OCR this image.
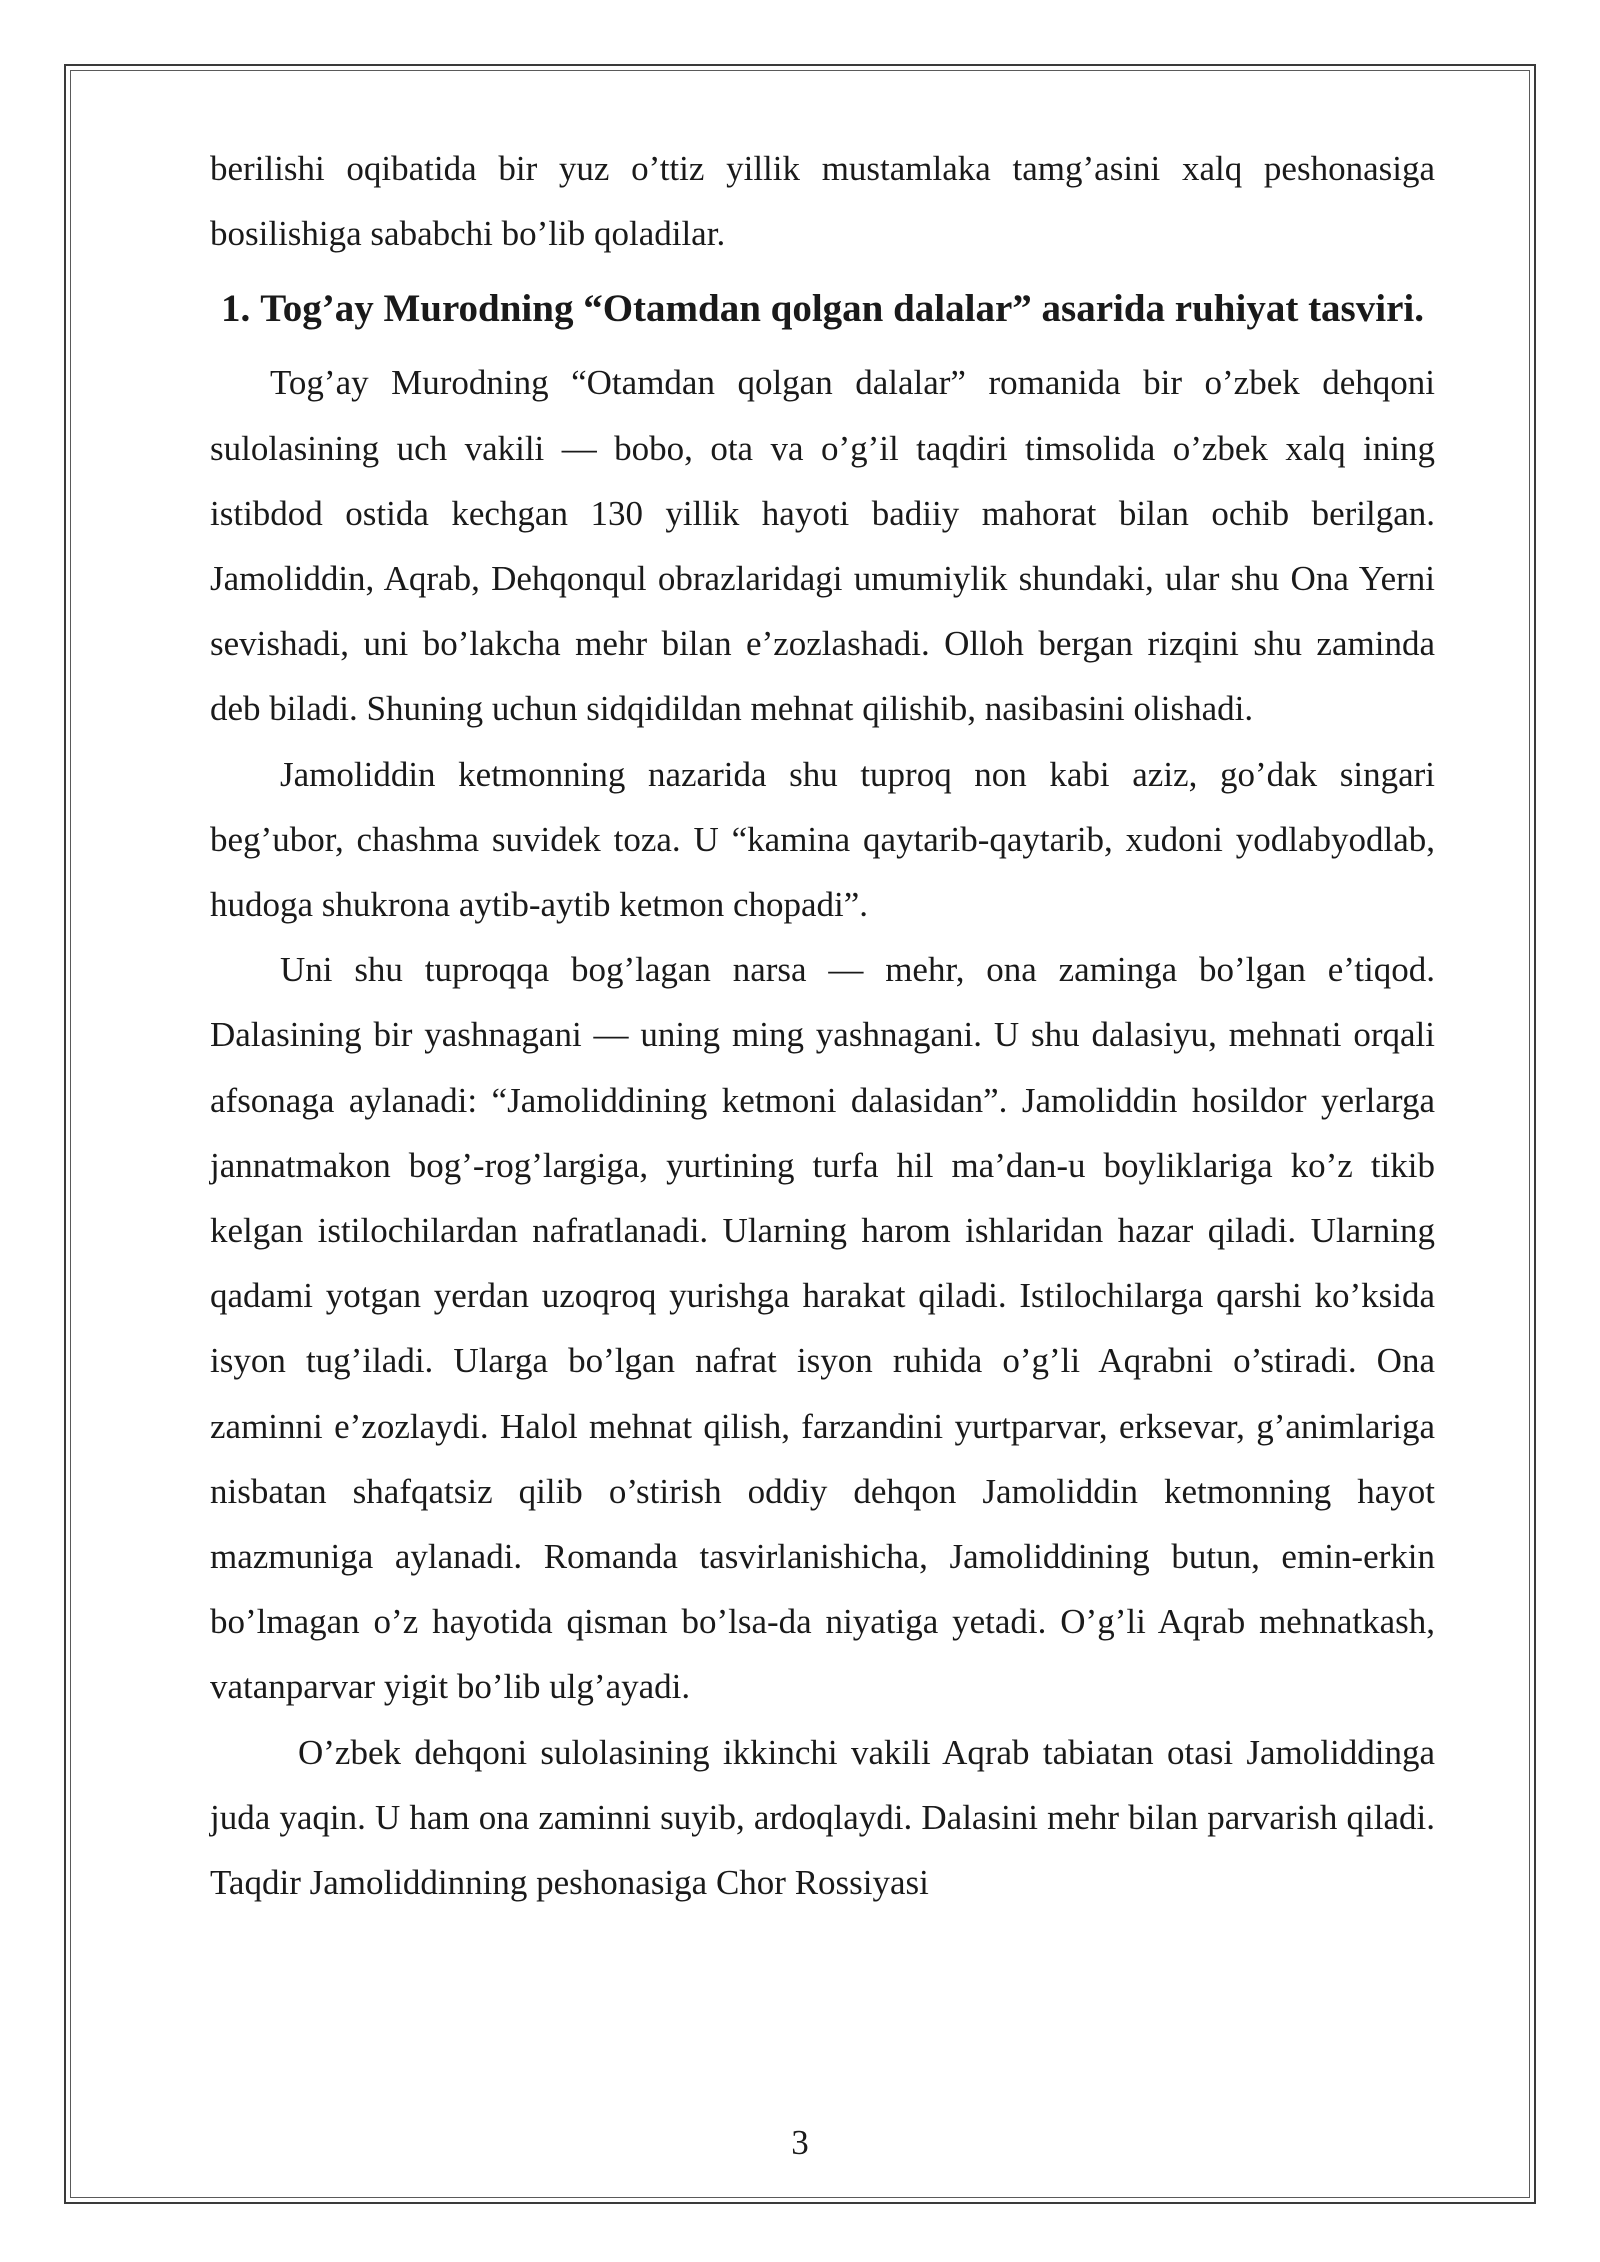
berilishi oqibatida bir yuz o’ttiz yillik mustamlaka tamg’asini xalq peshonasiga bosilishiga sababchi bo’lib qoladilar.

1. Tog’ay Murodning “Otamdan qolgan dalalar” asarida ruhiyat tasviri.

Tog’ay Murodning “Otamdan qolgan dalalar” romanida bir o’zbek dehqoni sulolasining uch vakili — bobo, ota va o’g’il taqdiri timsolida o’zbek xalq ining istibdod ostida kechgan 130 yillik hayoti badiiy mahorat bilan ochib berilgan. Jamoliddin, Aqrab, Dehqonqul obrazlaridagi umumiylik shundaki, ular shu Ona Yerni sevishadi, uni bo’lakcha mehr bilan e’zozlashadi. Olloh bergan rizqini shu zaminda deb biladi. Shuning uchun sidqidildan mehnat qilishib, nasibasini olishadi.

Jamoliddin ketmonning nazarida shu tuproq non kabi aziz, go’dak singari beg’ubor, chashma suvidek toza. U “kamina qaytarib-qaytarib, xudoni yodlabyodlab, hudoga shukrona aytib-aytib ketmon chopadi”.

Uni shu tuproqqa bog’lagan narsa — mehr, ona zaminga bo’lgan e’tiqod. Dalasining bir yashnagani — uning ming yashnagani. U shu dalasiyu, mehnati orqali afsonaga aylanadi: “Jamoliddining ketmoni dalasidan”. Jamoliddin hosildor yerlarga jannatmakon bog’-rog’largiga, yurtining turfa hil ma’dan-u boyliklariga ko’z tikib kelgan istilochilardan nafratlanadi. Ularning harom ishlaridan hazar qiladi. Ularning qadami yotgan yerdan uzoqroq yurishga harakat qiladi. Istilochilarga qarshi ko’ksida isyon tug’iladi. Ularga bo’lgan nafrat isyon ruhida o’g’li Aqrabni o’stiradi. Ona zaminni e’zozlaydi. Halol mehnat qilish, farzandini yurtparvar, erksevar, g’animlariga nisbatan shafqatsiz qilib o’stirish oddiy dehqon Jamoliddin ketmonning hayot mazmuniga aylanadi. Romanda tasvirlanishicha, Jamoliddining butun, emin-erkin bo’lmagan o’z hayotida qisman bo’lsa-da niyatiga yetadi. O’g’li Aqrab mehnatkash, vatanparvar yigit bo’lib ulg’ayadi.

O’zbek dehqoni sulolasining ikkinchi vakili Aqrab tabiatan otasi Jamoliddinga juda yaqin. U ham ona zaminni suyib, ardoqlaydi. Dalasini mehr bilan parvarish qiladi. Taqdir Jamoliddinning peshonasiga Chor Rossiyasi

3
